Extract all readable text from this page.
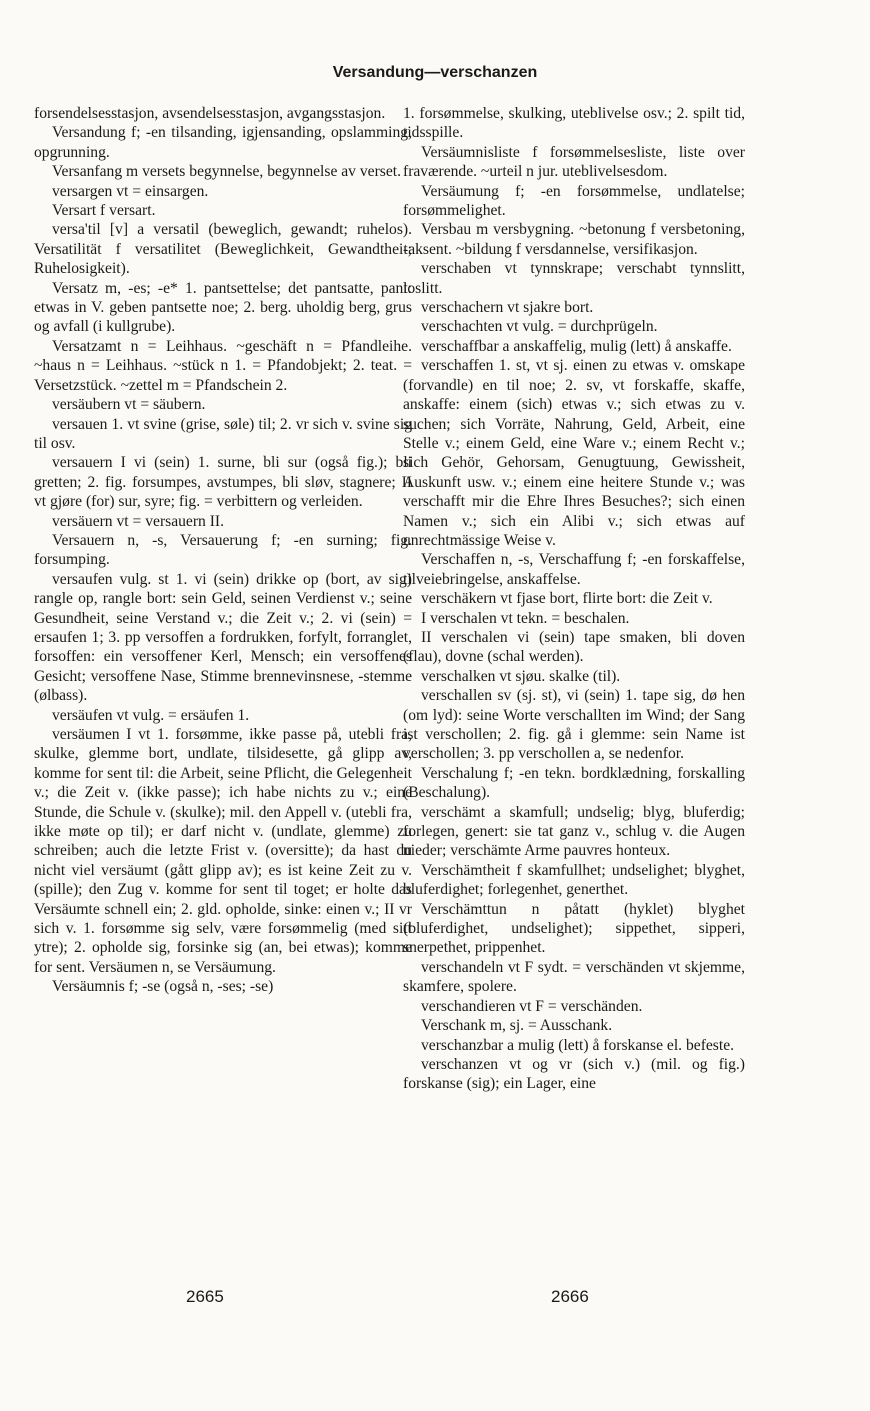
Versandung—verschanzen

forsendelsesstasjon, avsendelsesstasjon, avgangsstasjon.

Versandung f; -en tilsanding, igjensanding, opslamming, opgrunning.

Versanfang m versets begynnelse, begynnelse av verset.

versargen vt = einsargen.

Versart f versart.

versa'til [v] a versatil (beweglich, gewandt; ruhelos). Versatilität f versatilitet (Beweglichkeit, Gewandtheit; Ruhelosigkeit).

Versatz m, -es; -e* 1. pantsettelse; det pantsatte, pant: etwas in V. geben pantsette noe; 2. berg. uholdig berg, grus og avfall (i kullgrube).

Versatzamt n = Leihhaus. ~geschäft n = Pfandleihe. ~haus n = Leihhaus. ~stück n 1. = Pfandobjekt; 2. teat. = Versetzstück. ~zettel m = Pfandschein 2.

versäubern vt = säubern.

versauen 1. vt svine (grise, søle) til; 2. vr sich v. svine sig til osv.

versauern I vi (sein) 1. surne, bli sur (også fig.); bli gretten; 2. fig. forsumpes, avstumpes, bli sløv, stagnere; II vt gjøre (for) sur, syre; fig. = verbittern og verleiden.

versäuern vt = versauern II.

Versauern n, -s, Versauerung f; -en surning; fig. forsumping.

versaufen vulg. st 1. vi (sein) drikke op (bort, av sig) rangle op, rangle bort: sein Geld, seinen Verdienst v.; seine Gesundheit, seine Verstand v.; die Zeit v.; 2. vi (sein) = ersaufen 1; 3. pp versoffen a fordrukken, forfylt, forranglet, forsoffen: ein versoffener Kerl, Mensch; ein versoffenes Gesicht; versoffene Nase, Stimme brennevinsnese, -stemme (ølbass).

versäufen vt vulg. = ersäufen 1.

versäumen I vt 1. forsømme, ikke passe på, utebli fra, skulke, glemme bort, undlate, tilsidesette, gå glipp av, komme for sent til: die Arbeit, seine Pflicht, die Gelegenheit v.; die Zeit v. (ikke passe); ich habe nichts zu v.; eine Stunde, die Schule v. (skulke); mil. den Appell v. (utebli fra, ikke møte op til); er darf nicht v. (undlate, glemme) zu schreiben; auch die letzte Frist v. (oversitte); da hast du nicht viel versäumt (gått glipp av); es ist keine Zeit zu v. (spille); den Zug v. komme for sent til toget; er holte das Versäumte schnell ein; 2. gld. opholde, sinke: einen v.; II vr sich v. 1. forsømme sig selv, være forsømmelig (med sitt ytre); 2. opholde sig, forsinke sig (an, bei etwas); komme for sent. Versäumen n, se Versäumung.

Versäumnis f; -se (også n, -ses; -se)

1. forsømmelse, skulking, uteblivelse osv.; 2. spilt tid, tidsspille.

Versäumnisliste f forsømmelsesliste, liste over fraværende. ~urteil n jur. uteblivelsesdom.

Versäumung f; -en forsømmelse, undlatelse; forsømmelighet.

Versbau m versbygning. ~betonung f versbetoning, -aksent. ~bildung f versdannelse, versifikasjon.

verschaben vt tynnskrape; verschabt tynnslitt, loslitt.

verschachern vt sjakre bort.

verschachten vt vulg. = durchprügeln.

verschaffbar a anskaffelig, mulig (lett) å anskaffe.

verschaffen 1. st, vt sj. einen zu etwas v. omskape (forvandle) en til noe; 2. sv, vt forskaffe, skaffe, anskaffe: einem (sich) etwas v.; sich etwas zu v. suchen; sich Vorräte, Nahrung, Geld, Arbeit, eine Stelle v.; einem Geld, eine Ware v.; einem Recht v.; sich Gehör, Gehorsam, Genugtuung, Gewissheit, Auskunft usw. v.; einem eine heitere Stunde v.; was verschafft mir die Ehre Ihres Besuches?; sich einen Namen v.; sich ein Alibi v.; sich etwas auf unrechtmässige Weise v.

Verschaffen n, -s, Verschaffung f; -en forskaffelse, tilveiebringelse, anskaffelse.

verschäkern vt fjase bort, flirte bort: die Zeit v.

I verschalen vt tekn. = beschalen.

II verschalen vi (sein) tape smaken, bli doven (flau), dovne (schal werden).

verschalken vt sjøu. skalke (til).

verschallen sv (sj. st), vi (sein) 1. tape sig, dø hen (om lyd): seine Worte verschallten im Wind; der Sang ist verschollen; 2. fig. gå i glemme: sein Name ist verschollen; 3. pp verschollen a, se nedenfor.

Verschalung f; -en tekn. bordklædning, forskalling (Beschalung).

verschämt a skamfull; undselig; blyg, bluferdig; forlegen, genert: sie tat ganz v., schlug v. die Augen nieder; verschämte Arme pauvres honteux.

Verschämtheit f skamfullhet; undselighet; blyghet, bluferdighet; forlegenhet, generthet.

Verschämttun n påtatt (hyklet) blyghet (bluferdighet, undselighet); sippethet, sipperi, snerpethet, prippenhet.

verschandeln vt F sydt. = verschänden vt skjemme, skamfere, spolere.

verschandieren vt F = verschänden.

Verschank m, sj. = Ausschank.

verschanzbar a mulig (lett) å forskanse el. befeste.

verschanzen vt og vr (sich v.) (mil. og fig.) forskanse (sig); ein Lager, eine

2665	2666
